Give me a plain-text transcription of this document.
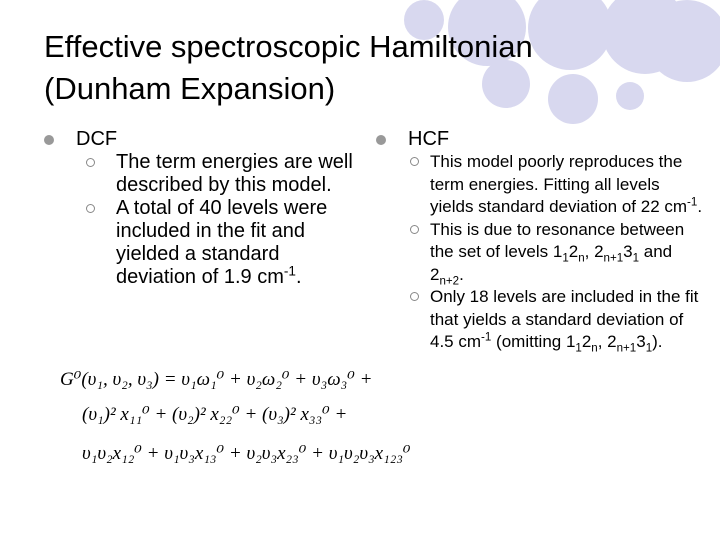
Effective spectroscopic Hamiltonian (Dunham Expansion)
DCF
The term energies are well described by this model.
A total of 40 levels were included in the fit and yielded a standard deviation of 1.9 $cm^{-1}$.
HCF
This model poorly reproduces the term energies. Fitting all levels yields standard deviation of 22 $cm^{-1}$.
This is due to resonance between the set of levels $1_12_n$, $2_{n+1}3_1$ and $2_{n+2}$.
Only 18 levels are included in the fit that yields a standard deviation of 4.5 $cm^{-1}$ (omitting $1_12_n$, $2_{n+1}3_1$).
G⁰(υ₁, υ₂, υ₃) = υ₁ω₁⁰ + υ₂ω₂⁰ + υ₃ω₃⁰ +
(υ₁)² x₁₁⁰ + (υ₂)² x₂₂⁰ + (υ₃)² x₃₃⁰ +
υ₁υ₂x₁₂⁰ + υ₁υ₃x₁₃⁰ + υ₂υ₃x₂₃⁰ + υ₁υ₂υ₃x₁₂₃⁰
